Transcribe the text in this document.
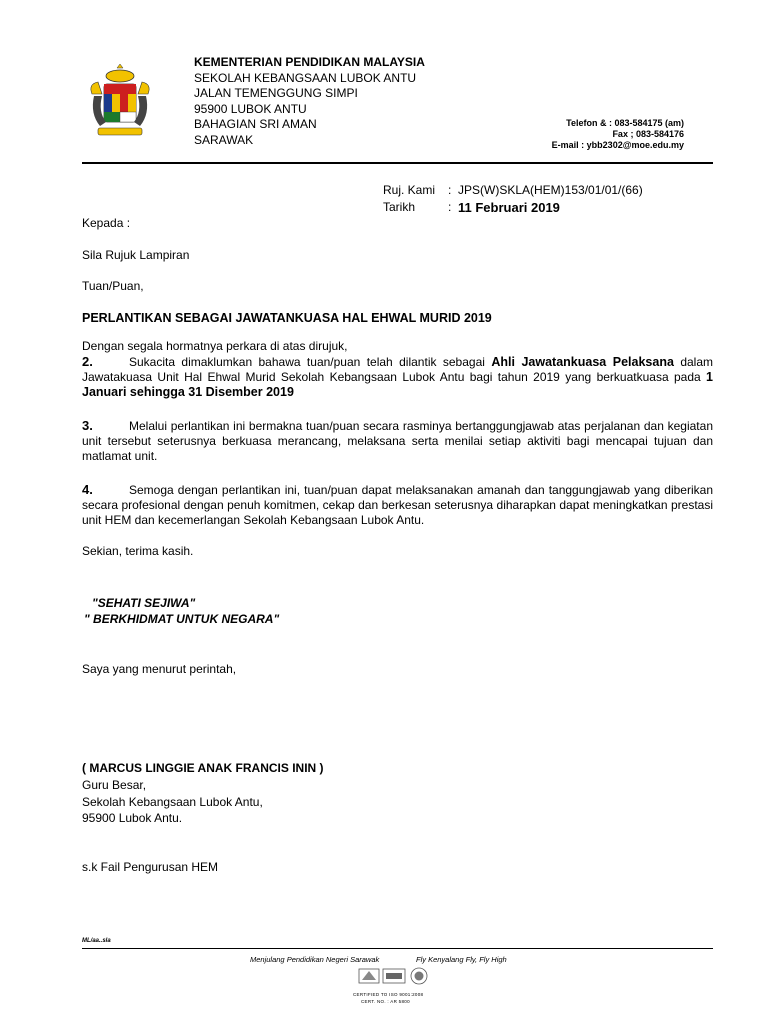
KEMENTERIAN PENDIDIKAN MALAYSIA
SEKOLAH KEBANGSAAN LUBOK ANTU
JALAN TEMENGGUNG SIMPI
95900 LUBOK ANTU
BAHAGIAN SRI AMAN
SARAWAK
Telefon & : 083-584175 (am)
Fax ; 083-584176
E-mail : ybb2302@moe.edu.my
Ruj. Kami : JPS(W)SKLA(HEM)153/01/01/(66)
Tarikh	: 11 Februari 2019
Kepada :
Sila Rujuk Lampiran
Tuan/Puan,
PERLANTIKAN SEBAGAI JAWATANKUASA HAL EHWAL MURID 2019
Dengan segala hormatnya perkara di atas dirujuk,
2.	Sukacita dimaklumkan bahawa tuan/puan telah dilantik sebagai Ahli Jawatankuasa Pelaksana dalam Jawatakuasa Unit Hal Ehwal Murid Sekolah Kebangsaan Lubok Antu bagi tahun 2019 yang berkuatkuasa pada 1 Januari sehingga 31 Disember 2019
3.	Melalui perlantikan ini bermakna tuan/puan secara rasminya bertanggungjawab atas perjalanan dan kegiatan unit tersebut seterusnya berkuasa merancang, melaksana serta menilai setiap aktiviti bagi mencapai tujuan dan matlamat unit.
4.	Semoga dengan perlantikan ini, tuan/puan dapat melaksanakan amanah dan tanggungjawab yang diberikan secara profesional dengan penuh komitmen, cekap dan berkesan seterusnya diharapkan dapat meningkatkan prestasi unit HEM dan kecemerlangan Sekolah Kebangsaan Lubok Antu.
Sekian, terima kasih.
"SEHATI SEJIWA"
" BERKHIDMAT UNTUK NEGARA"
Saya yang menurut perintah,
( MARCUS LINGGIE ANAK FRANCIS ININ )
Guru Besar,
Sekolah Kebangsaan Lubok Antu,
95900 Lubok Antu.
s.k Fail Pengurusan HEM
ML/aa..sla
Menjulang Pendidikan Negeri Sarawak	Fly Kenyalang Fly, Fly High
CERTIFIED TO ISO 9001:2008
CERT. NO. : AR 5800
